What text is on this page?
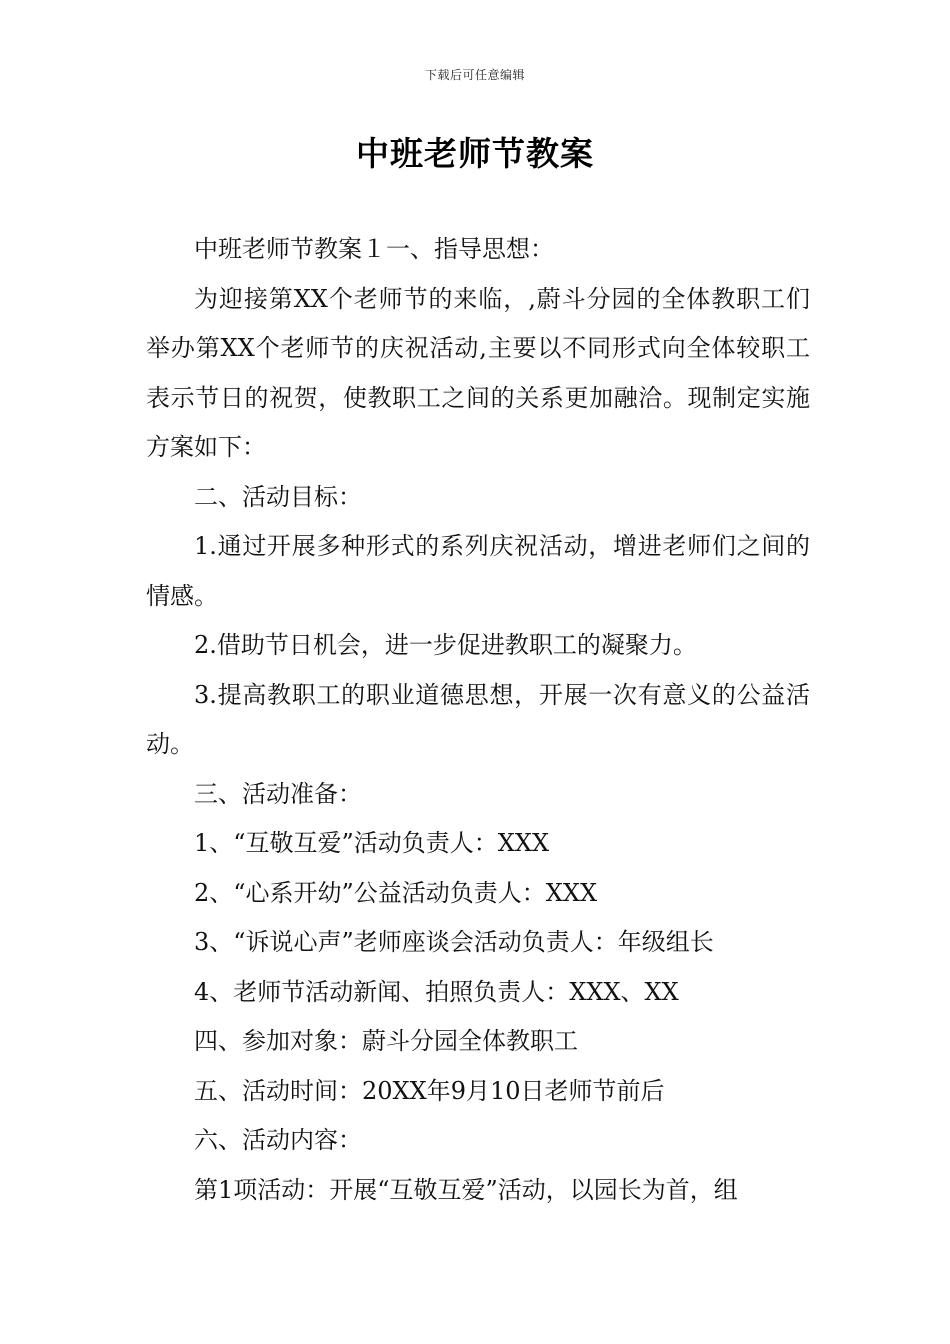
下载后可任意编辑
中班老师节教案

中班老师节教案１一、指导思想：

为迎接第XX个老师节的来临，,蔚斗分园的全体教职工们举办第XX个老师节的庆祝活动,主要以不同形式向全体较职工表示节日的祝贺，使教职工之间的关系更加融洽。现制定实施方案如下：

二、活动目标：

1.通过开展多种形式的系列庆祝活动，增进老师们之间的情感。

2.借助节日机会，进一步促进教职工的凝聚力。

3.提高教职工的职业道德思想，开展一次有意义的公益活动。

三、活动准备：

1、“互敬互爱”活动负责人：XXX

2、“心系开幼”公益活动负责人：XXX

3、“诉说心声”老师座谈会活动负责人：年级组长

4、老师节活动新闻、拍照负责人：XXX、XX

四、参加对象：蔚斗分园全体教职工

五、活动时间：20XX年9月10日老师节前后

六、活动内容：

第1项活动：开展“互敬互爱”活动，以园长为首，组
